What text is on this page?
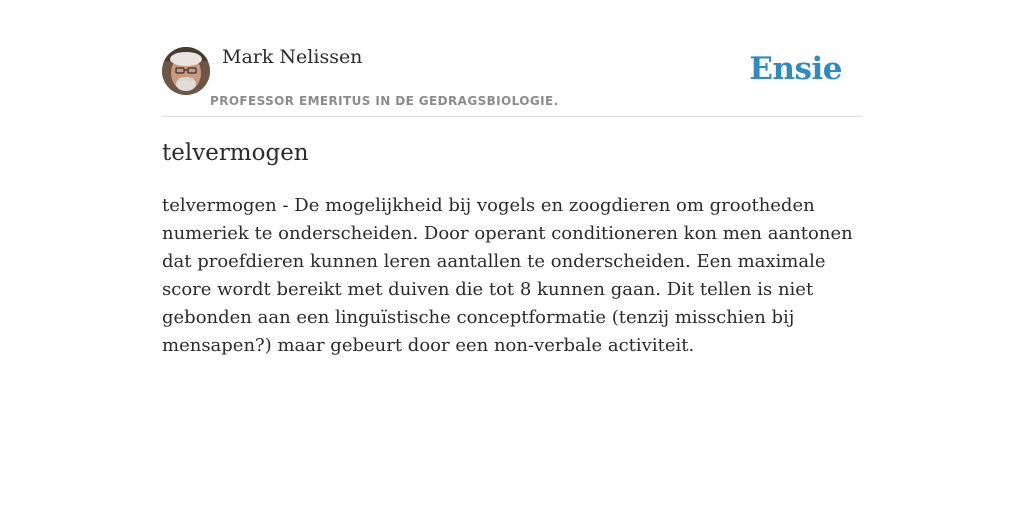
Mark Nelissen
PROFESSOR EMERITUS IN DE GEDRAGSBIOLOGIE.
Ensie
telvermogen

telvermogen - De mogelijkheid bij vogels en zoogdieren om grootheden numeriek te onderscheiden. Door operant conditioneren kon men aantonen dat proefdieren kunnen leren aantallen te onderscheiden. Een maximale score wordt bereikt met duiven die tot 8 kunnen gaan. Dit tellen is niet gebonden aan een linguïstische conceptformatie (tenzij misschien bij mensapen?) maar gebeurt door een non-verbale activiteit.
